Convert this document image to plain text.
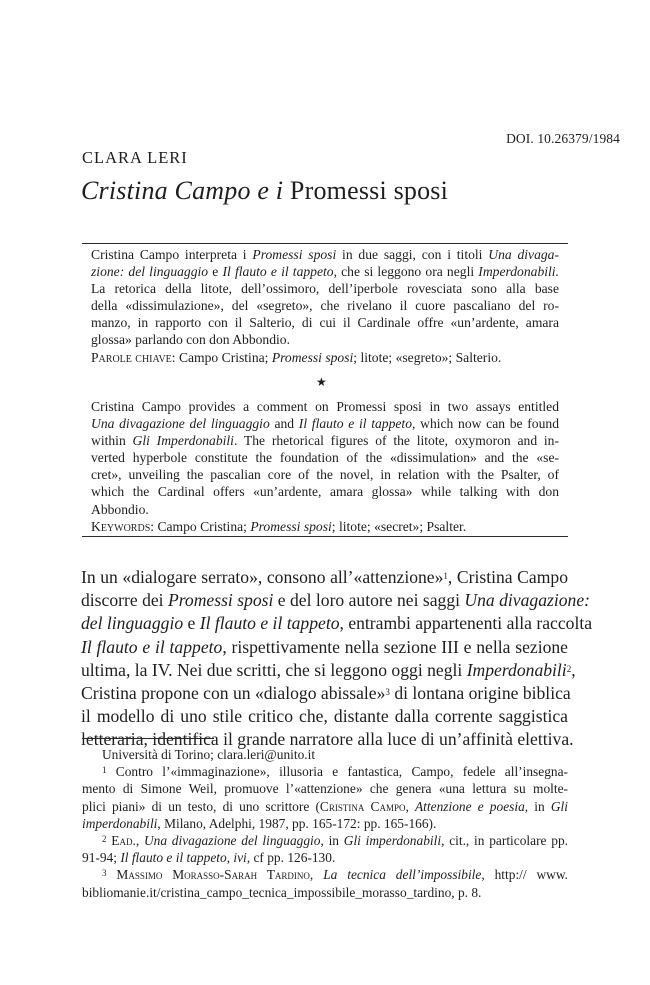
DOI. 10.26379/1984
CLARA LERI
Cristina Campo e i Promessi sposi
Cristina Campo interpreta i Promessi sposi in due saggi, con i titoli Una divaga-
zione: del linguaggio e Il flauto e il tappeto, che si leggono ora negli Imperdonabili.
La retorica della litote, dell’ossimoro, dell’iperbole rovesciata sono alla base
della «dissimulazione», del «segreto», che rivelano il cuore pascaliano del ro-
manzo, in rapporto con il Salterio, di cui il Cardinale offre «un’ardente, amara
glossa» parlando con don Abbondio.
Parole chiave: Campo Cristina; Promessi sposi; litote; «segreto»; Salterio.
★
Cristina Campo provides a comment on Promessi sposi in two assays entitled
Una divagazione del linguaggio and Il flauto e il tappeto, which now can be found
within Gli Imperdonabili. The rhetorical figures of the litote, oxymoron and in-
verted hyperbole constitute the foundation of the «dissimulation» and the «se-
cret», unveiling the pascalian core of the novel, in relation with the Psalter, of
which the Cardinal offers «un’ardente, amara glossa» while talking with don
Abbondio.
Keywords: Campo Cristina; Promessi sposi; litote; «secret»; Psalter.
In un «dialogare serrato», consono all’«attenzione»$^1$, Cristina Campo
discorre dei Promessi sposi e del loro autore nei saggi Una divagazione:
del linguaggio e Il flauto e il tappeto, entrambi appartenenti alla raccolta
Il flauto e il tappeto, rispettivamente nella sezione III e nella sezione
ultima, la IV. Nei due scritti, che si leggono oggi negli Imperdonabili$^2$,
Cristina propone con un «dialogo abissale»$^3$ di lontana origine biblica
il modello di uno stile critico che, distante dalla corrente saggistica
letteraria, identifica il grande narratore alla luce di un’affinità elettiva.
Università di Torino; clara.leri@unito.it
$^1$ Contro l’«immaginazione», illusoria e fantastica, Campo, fedele all’insegna-
mento di Simone Weil, promuove l’«attenzione» che genera «una lettura su molte-
plici piani» di un testo, di uno scrittore (Cristina Campo, Attenzione e poesia, in Gli
imperdonabili, Milano, Adelphi, 1987, pp. 165-172: pp. 165-166).
$^2$ Ead., Una divagazione del linguaggio, in Gli imperdonabili, cit., in particolare pp.
91-94; Il flauto e il tappeto, ivi, cf pp. 126-130.
$^3$ Massimo Morasso-Sarah Tardino, La tecnica dell’impossibile, http:// www.
bibliomanie.it/cristina_campo_tecnica_impossibile_morasso_tardino, p. 8.
